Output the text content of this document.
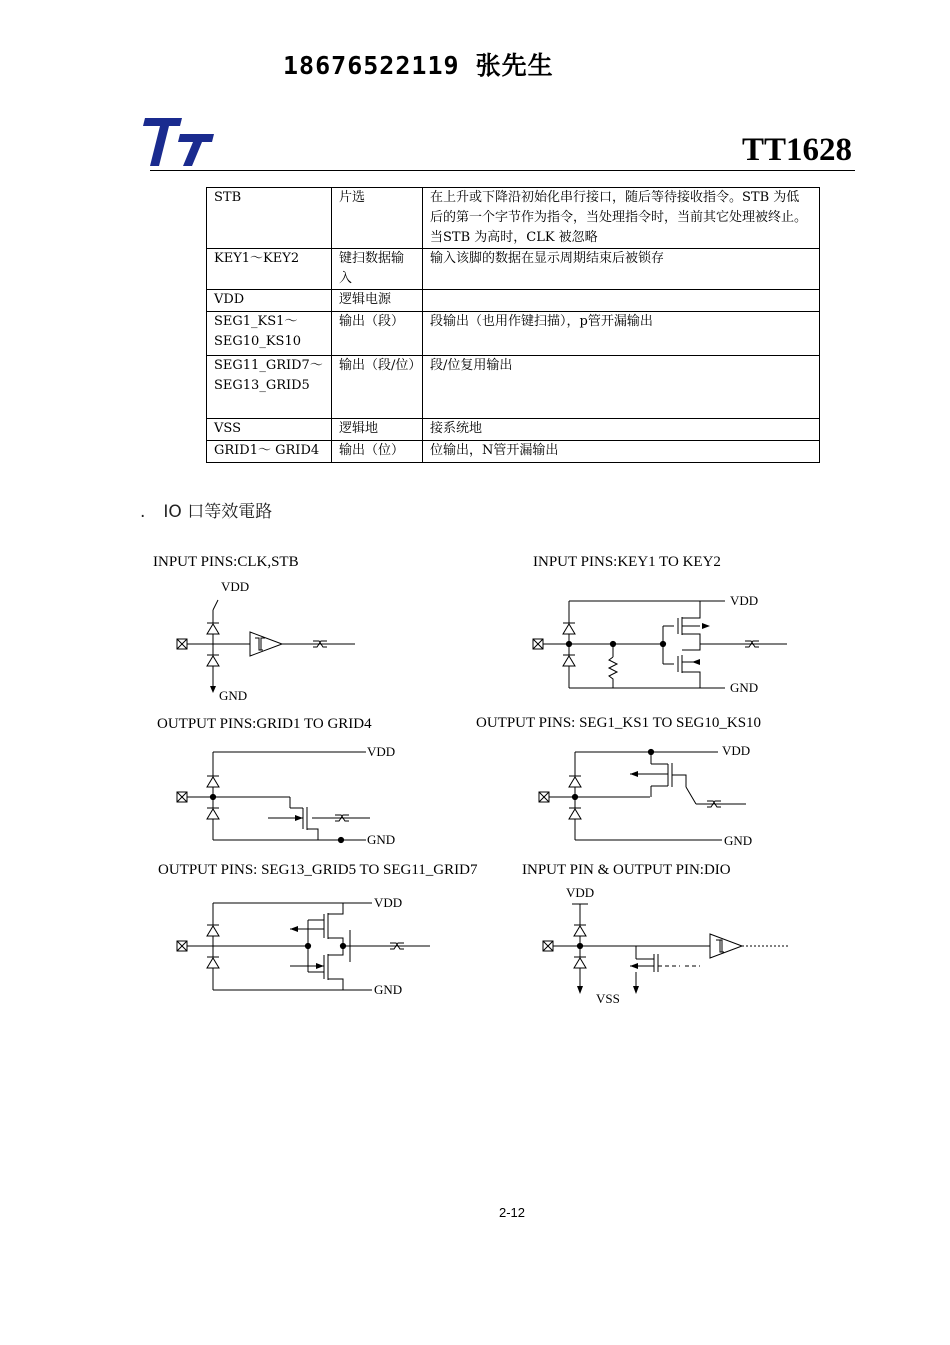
18676522119 张先生
TT1628
STB	片选	在上升或下降沿初始化串行接口，随后等待接收指令。STB 为低后的第一个字节作为指令，当处理指令时，当前其它处理被终止。当STB 为高时，CLK 被忽略
KEY1～KEY2	键扫数据输入	输入该脚的数据在显示周期结束后被锁存
VDD	逻辑电源	
SEG1_KS1～SEG10_KS10	输出（段）	段输出（也用作键扫描），p管开漏输出
SEG11_GRID7～SEG13_GRID5	输出（段/位）	段/位复用输出
VSS	逻辑地	接系统地
GRID1～ GRID4	输出（位）	位输出，N管开漏输出
. IO 口等效電路
INPUT PINS:CLK,STB	INPUT PINS:KEY1 TO KEY2
OUTPUT PINS:GRID1 TO GRID4	OUTPUT PINS: SEG1_KS1 TO SEG10_KS10
OUTPUT PINS: SEG13_GRID5 TO SEG11_GRID7	INPUT PIN & OUTPUT PIN:DIO
VDD
GND
VDD
GND
VDD
GND
VDD
GND
VDD
GND
VDD
VSS
2-12
